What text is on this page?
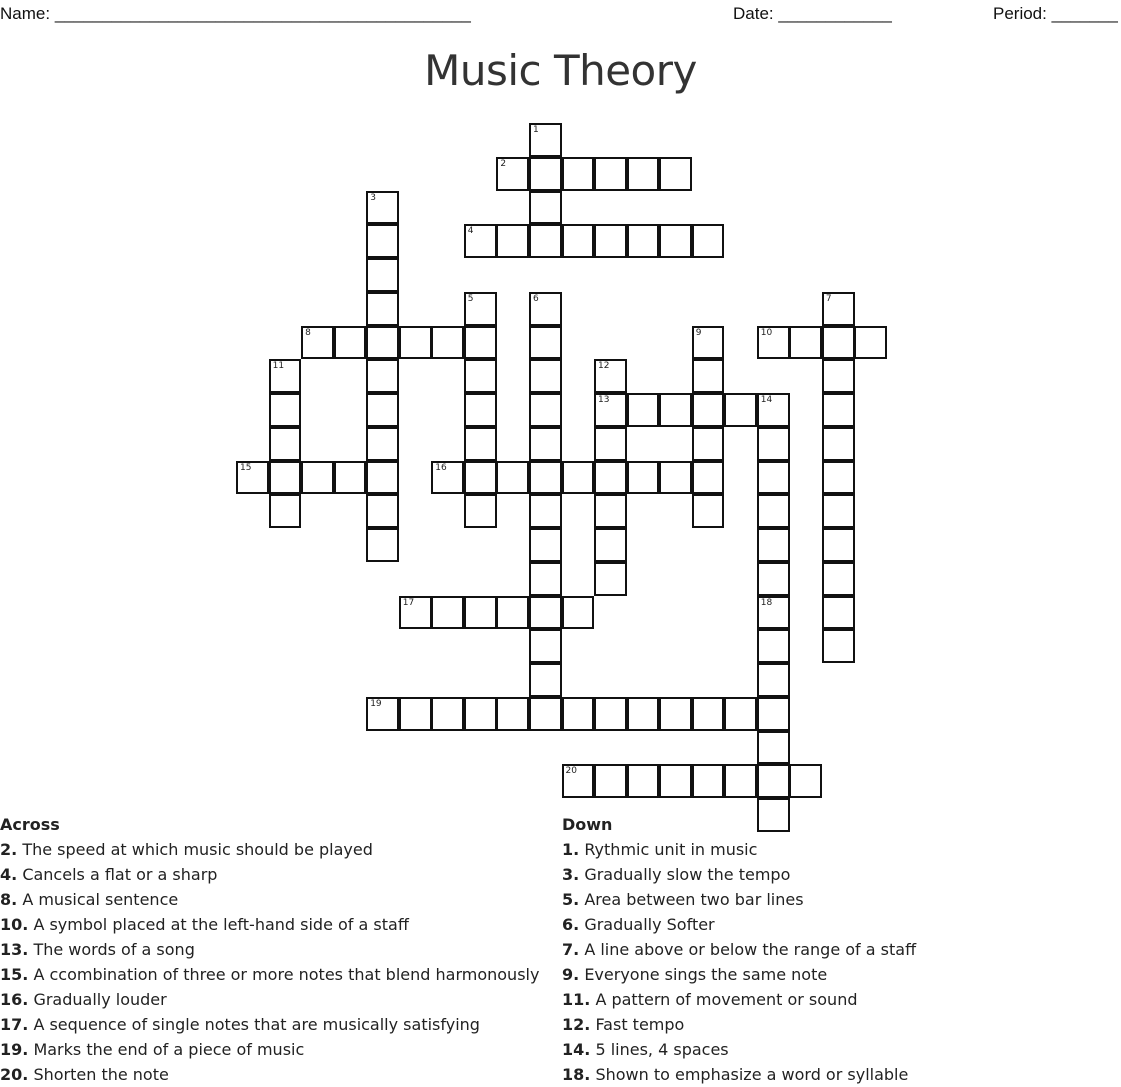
Name: ____________________________________________	Date: ____________	Period: _______
Music Theory
2
4
8	10
13	14
15	16
17
19
20
1
3
5	6	7
9
11	12
18
Across
2. The speed at which music should be played
4. Cancels a flat or a sharp
8. A musical sentence
10. A symbol placed at the left-hand side of a staff
13. The words of a song
15. A ccombination of three or more notes that blend harmonously
16. Gradually louder
17. A sequence of single notes that are musically satisfying
19. Marks the end of a piece of music
20. Shorten the note
Down
1. Rythmic unit in music
3. Gradually slow the tempo
5. Area between two bar lines
6. Gradually Softer
7. A line above or below the range of a staff
9. Everyone sings the same note
11. A pattern of movement or sound
12. Fast tempo
14. 5 lines, 4 spaces
18. Shown to emphasize a word or syllable
